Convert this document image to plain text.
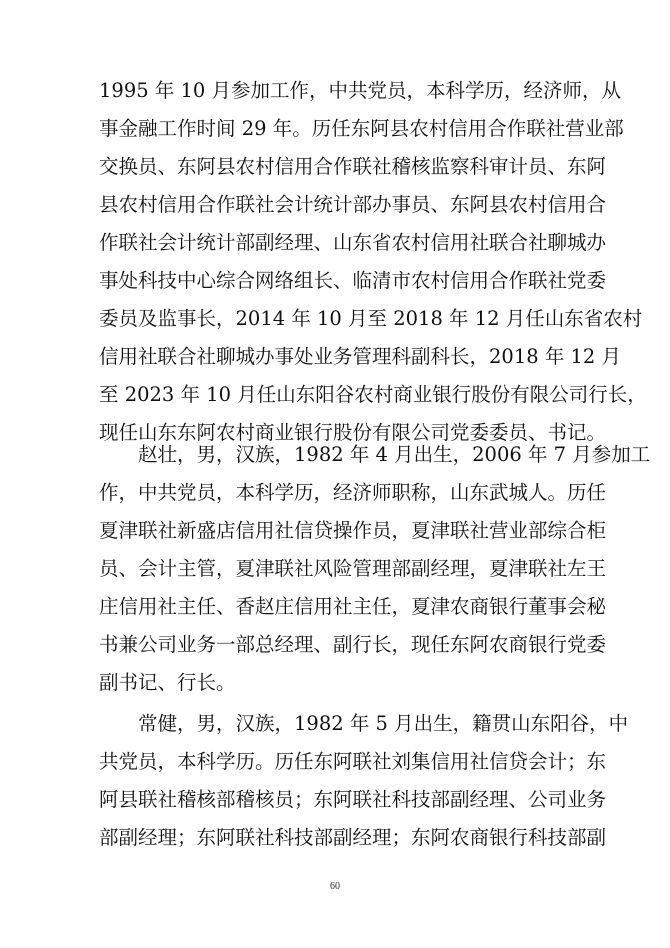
1995 年 10 月参加工作，中共党员，本科学历，经济师，从
事金融工作时间 29 年。历任东阿县农村信用合作联社营业部
交换员、东阿县农村信用合作联社稽核监察科审计员、东阿
县农村信用合作联社会计统计部办事员、东阿县农村信用合
作联社会计统计部副经理、山东省农村信用社联合社聊城办
事处科技中心综合网络组长、临清市农村信用合作联社党委
委员及监事长，2014 年 10 月至 2018 年 12 月任山东省农村
信用社联合社聊城办事处业务管理科副科长，2018 年 12 月
至 2023 年 10 月任山东阳谷农村商业银行股份有限公司行长，
现任山东东阿农村商业银行股份有限公司党委委员、书记。
赵壮，男，汉族，1982 年 4 月出生，2006 年 7 月参加工
作，中共党员，本科学历，经济师职称，山东武城人。历任
夏津联社新盛店信用社信贷操作员，夏津联社营业部综合柜
员、会计主管，夏津联社风险管理部副经理，夏津联社左王
庄信用社主任、香赵庄信用社主任，夏津农商银行董事会秘
书兼公司业务一部总经理、副行长，现任东阿农商银行党委
副书记、行长。
常健，男，汉族，1982 年 5 月出生，籍贯山东阳谷，中
共党员，本科学历。历任东阿联社刘集信用社信贷会计；东
阿县联社稽核部稽核员；东阿联社科技部副经理、公司业务
部副经理；东阿联社科技部副经理；东阿农商银行科技部副
60
